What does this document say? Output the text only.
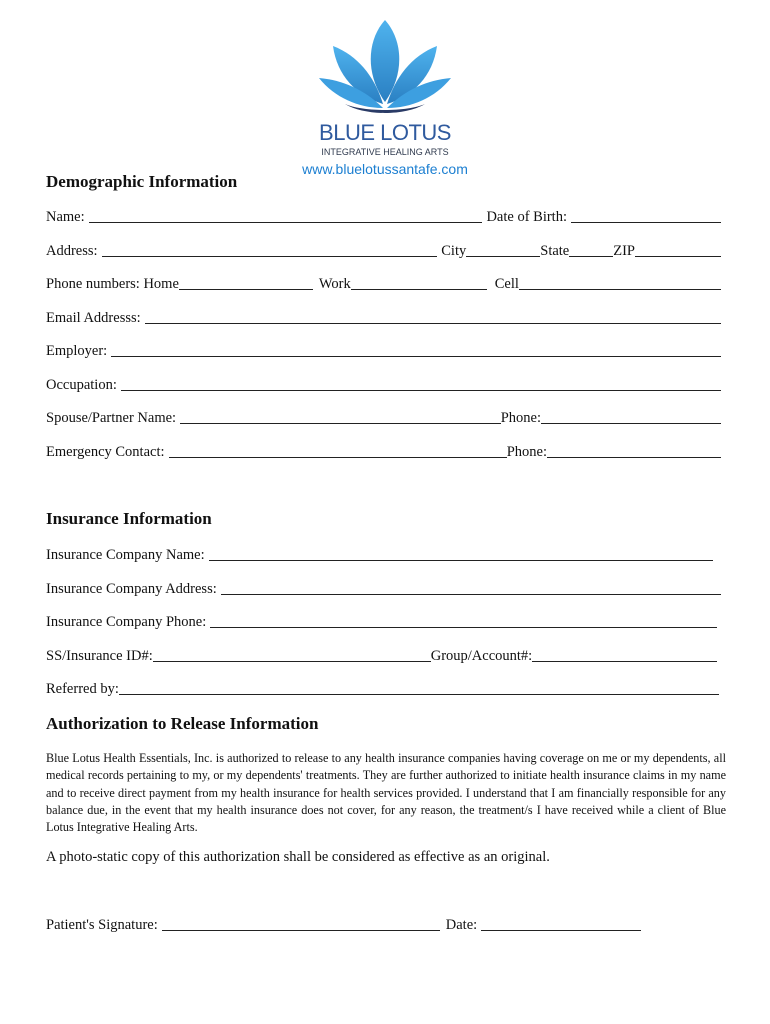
BLUE LOTUS
INTEGRATIVE HEALING ARTS
www.bluelotussantafe.com
Demographic Information
Name:	Date of Birth:
Address:	City	State	ZIP
Phone numbers: Home	Work	Cell
Email Addresss:
Employer:
Occupation:
Spouse/Partner Name:	Phone:
Emergency Contact:	Phone:
Insurance Information
Insurance Company Name:
Insurance Company Address:
Insurance Company Phone:
SS/Insurance ID#:	Group/Account#:
Referred by:
Authorization to Release Information

Blue Lotus Health Essentials, Inc. is authorized to release to any health insurance companies having coverage on me or my dependents, all medical records pertaining to my, or my dependents' treatments. They are further authorized to initiate health insurance claims in my name and to receive direct payment from my health insurance for health services provided. I understand that I am financially responsible for any balance due, in the event that my health insurance does not cover, for any reason, the treatment/s I have received while a client of Blue Lotus Integrative Healing Arts.

A photo-static copy of this authorization shall be considered as effective as an original.

Patient's Signature:	Date:
